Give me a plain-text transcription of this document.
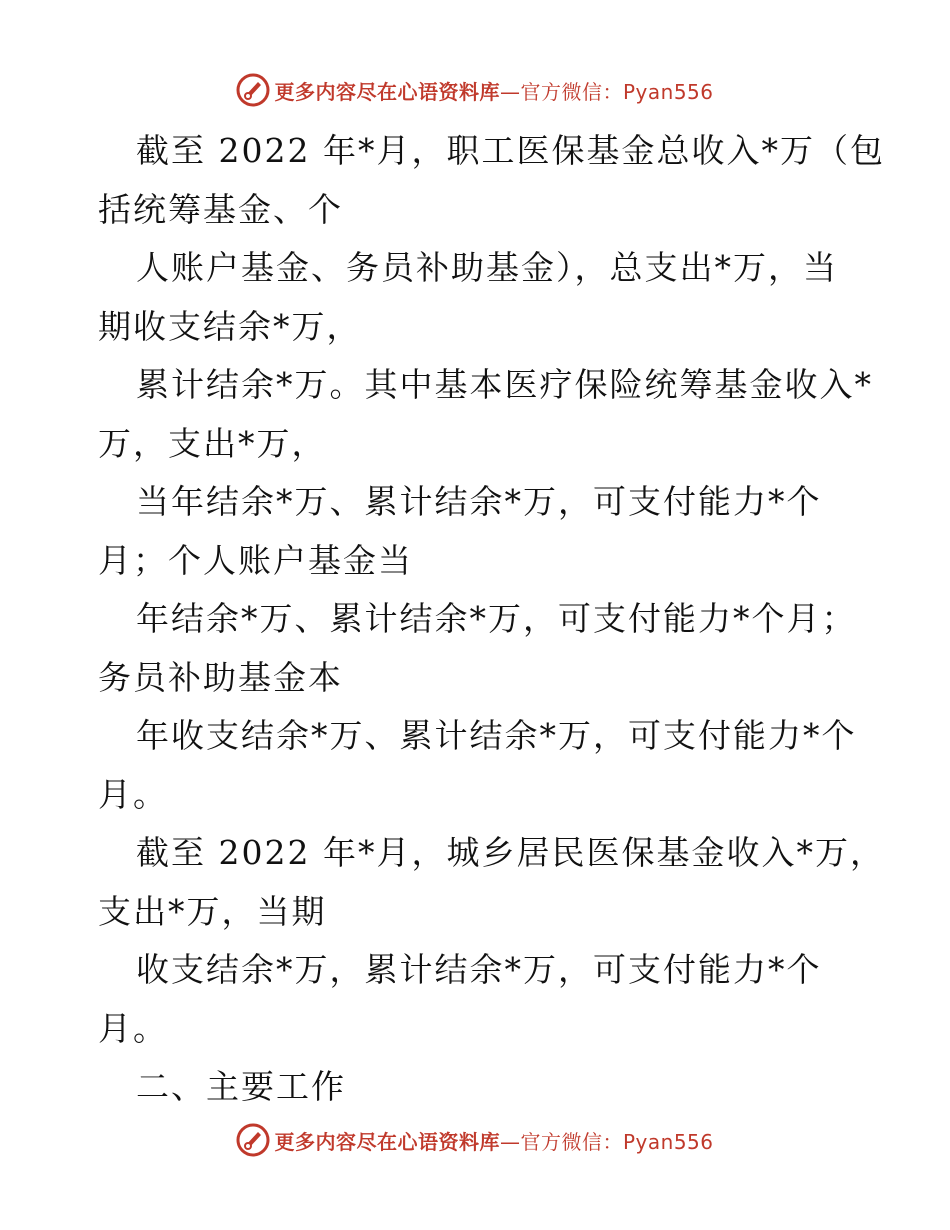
更多内容尽在心语资料库—官方微信：Pyan556
截至 2022 年*月，职工医保基金总收入*万（包
括统筹基金、个
人账户基金、务员补助基金），总支出*万，当
期收支结余*万，
累计结余*万。其中基本医疗保险统筹基金收入*
万，支出*万，
当年结余*万、累计结余*万，可支付能力*个
月；个人账户基金当
年结余*万、累计结余*万，可支付能力*个月；
务员补助基金本
年收支结余*万、累计结余*万，可支付能力*个
月。
截至 2022 年*月，城乡居民医保基金收入*万，
支出*万，当期
收支结余*万，累计结余*万，可支付能力*个
月。
二、主要工作
更多内容尽在心语资料库—官方微信：Pyan556
